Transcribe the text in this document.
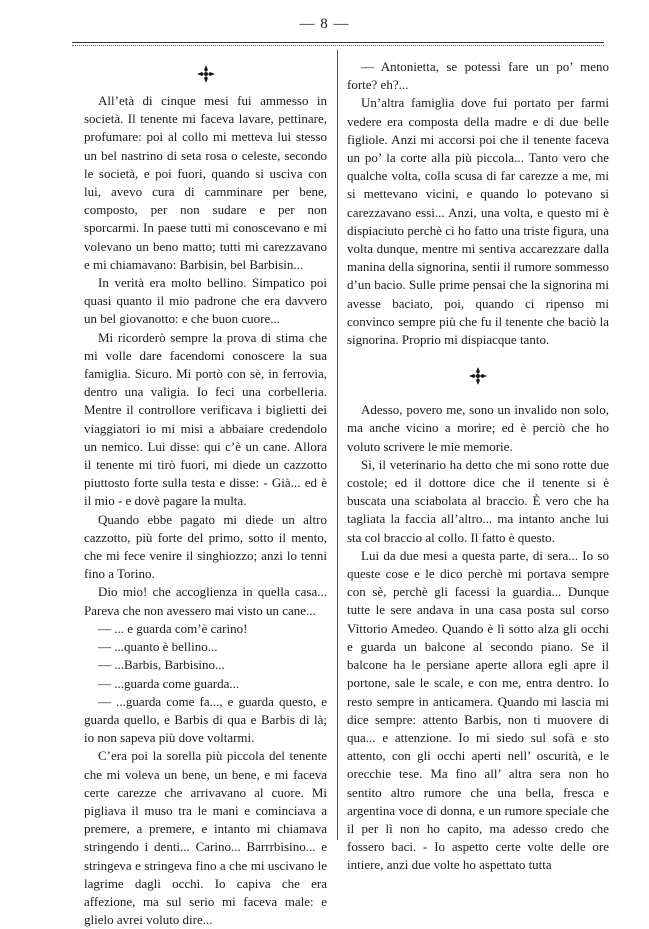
— 8 —

All’età di cinque mesi fui ammesso in società. Il tenente mi faceva lavare, pettinare, profumare: poi al collo mi metteva lui stesso un bel nastrino di seta rosa o celeste, secondo le società, e poi fuori, quando si usciva con lui, avevo cura di camminare per bene, composto, per non sudare e per non sporcarmi. In paese tutti mi conoscevano e mi volevano un beno matto; tutti mi carezzavano e mi chiamavano: Barbisin, bel Barbisin...

In verità era molto bellino. Simpatico poi quasi quanto il mio padrone che era davvero un bel giovanotto: e che buon cuore...

Mi ricorderò sempre la prova di stima che mi volle dare facendomi conoscere la sua famiglia. Sicuro. Mi portò con sè, in ferrovia, dentro una valigia. Io feci una corbelleria. Mentre il controllore verificava i biglietti dei viaggiatori io mi misi a abbaiare credendolo un nemico. Lui disse: qui c’è un cane. Allora il tenente mi tirò fuori, mi diede un cazzotto piuttosto forte sulla testa e disse: - Già... ed è il mio - e dovè pagare la multa.

Quando ebbe pagato mi diede un altro cazzotto, più forte del primo, sotto il mento, che mi fece venire il singhiozzo; anzi lo tenni fino a Torino.

Dio mio! che accoglienza in quella casa... Pareva che non avessero mai visto un cane...

— ... e guarda com’è carino!

— ...quanto è bellino...

— ...Barbis, Barbisino...

— ...guarda come guarda...

— ...guarda come fa..., e guarda questo, e guarda quello, e Barbis di qua e Barbis di là; io non sapeva più dove voltarmi.

C’era poi la sorella più piccola del tenente che mi voleva un bene, un bene, e mi faceva certe carezze che arrivavano al cuore. Mi pigliava il muso tra le mani e cominciava a premere, a premere, e intanto mi chiamava stringendo i denti... Carino... Barrrbisino... e stringeva e stringeva fino a che mi uscivano le lagrime dagli occhi. Io capiva che era affezione, ma sul serio mi faceva male: e glielo avrei voluto dire...

— Antonietta, se potessi fare un po’ meno forte? eh?...

Un’altra famiglia dove fui portato per farmi vedere era composta della madre e di due belle figliole. Anzi mi accorsi poi che il tenente faceva un po’ la corte alla più piccola... Tanto vero che qualche volta, colla scusa di far carezze a me, mi si mettevano vicini, e quando lo potevano si carezzavano essi... Anzi, una volta, e questo mi è dispiaciuto perchè ci ho fatto una triste figura, una volta dunque, mentre mi sentiva accarezzare dalla manina della signorina, sentii il rumore sommesso d’un bacio. Sulle prime pensai che la signorina mi avesse baciato, poi, quando ci ripenso mi convinco sempre più che fu il tenente che baciò la signorina. Proprio mi dispiacque tanto.

Adesso, povero me, sono un invalido non solo, ma anche vicino a morire; ed è perciò che ho voluto scrivere le mie memorie.

Sì, il veterinario ha detto che mi sono rotte due costole; ed il dottore dice che il tenente si è buscata una sciabolata al braccio. È vero che ha tagliata la faccia all’altro... ma intanto anche lui sta col braccio al collo. Il fatto è questo.

Lui da due mesi a questa parte, di sera... Io so queste cose e le dico perchè mi portava sempre con sè, perchè gli facessi la guardia... Dunque tutte le sere andava in una casa posta sul corso Vittorio Amedeo. Quando è lì sotto alza gli occhi e guarda un balcone al secondo piano. Se il balcone ha le persiane aperte allora egli apre il portone, sale le scale, e con me, entra dentro. Io resto sempre in anticamera. Quando mi lascia mi dice sempre: attento Barbis, non ti muovere di qua... e attenzione. Io mi siedo sul sofà e sto attento, con gli occhi aperti nell’ oscurità, e le orecchie tese. Ma fino all’ altra sera non ho sentito altro rumore che una bella, fresca e argentina voce di donna, e un rumore speciale che il per lì non ho capito, ma adesso credo che fossero baci. - Io aspetto certe volte delle ore intiere, anzi due volte ho aspettato tutta
